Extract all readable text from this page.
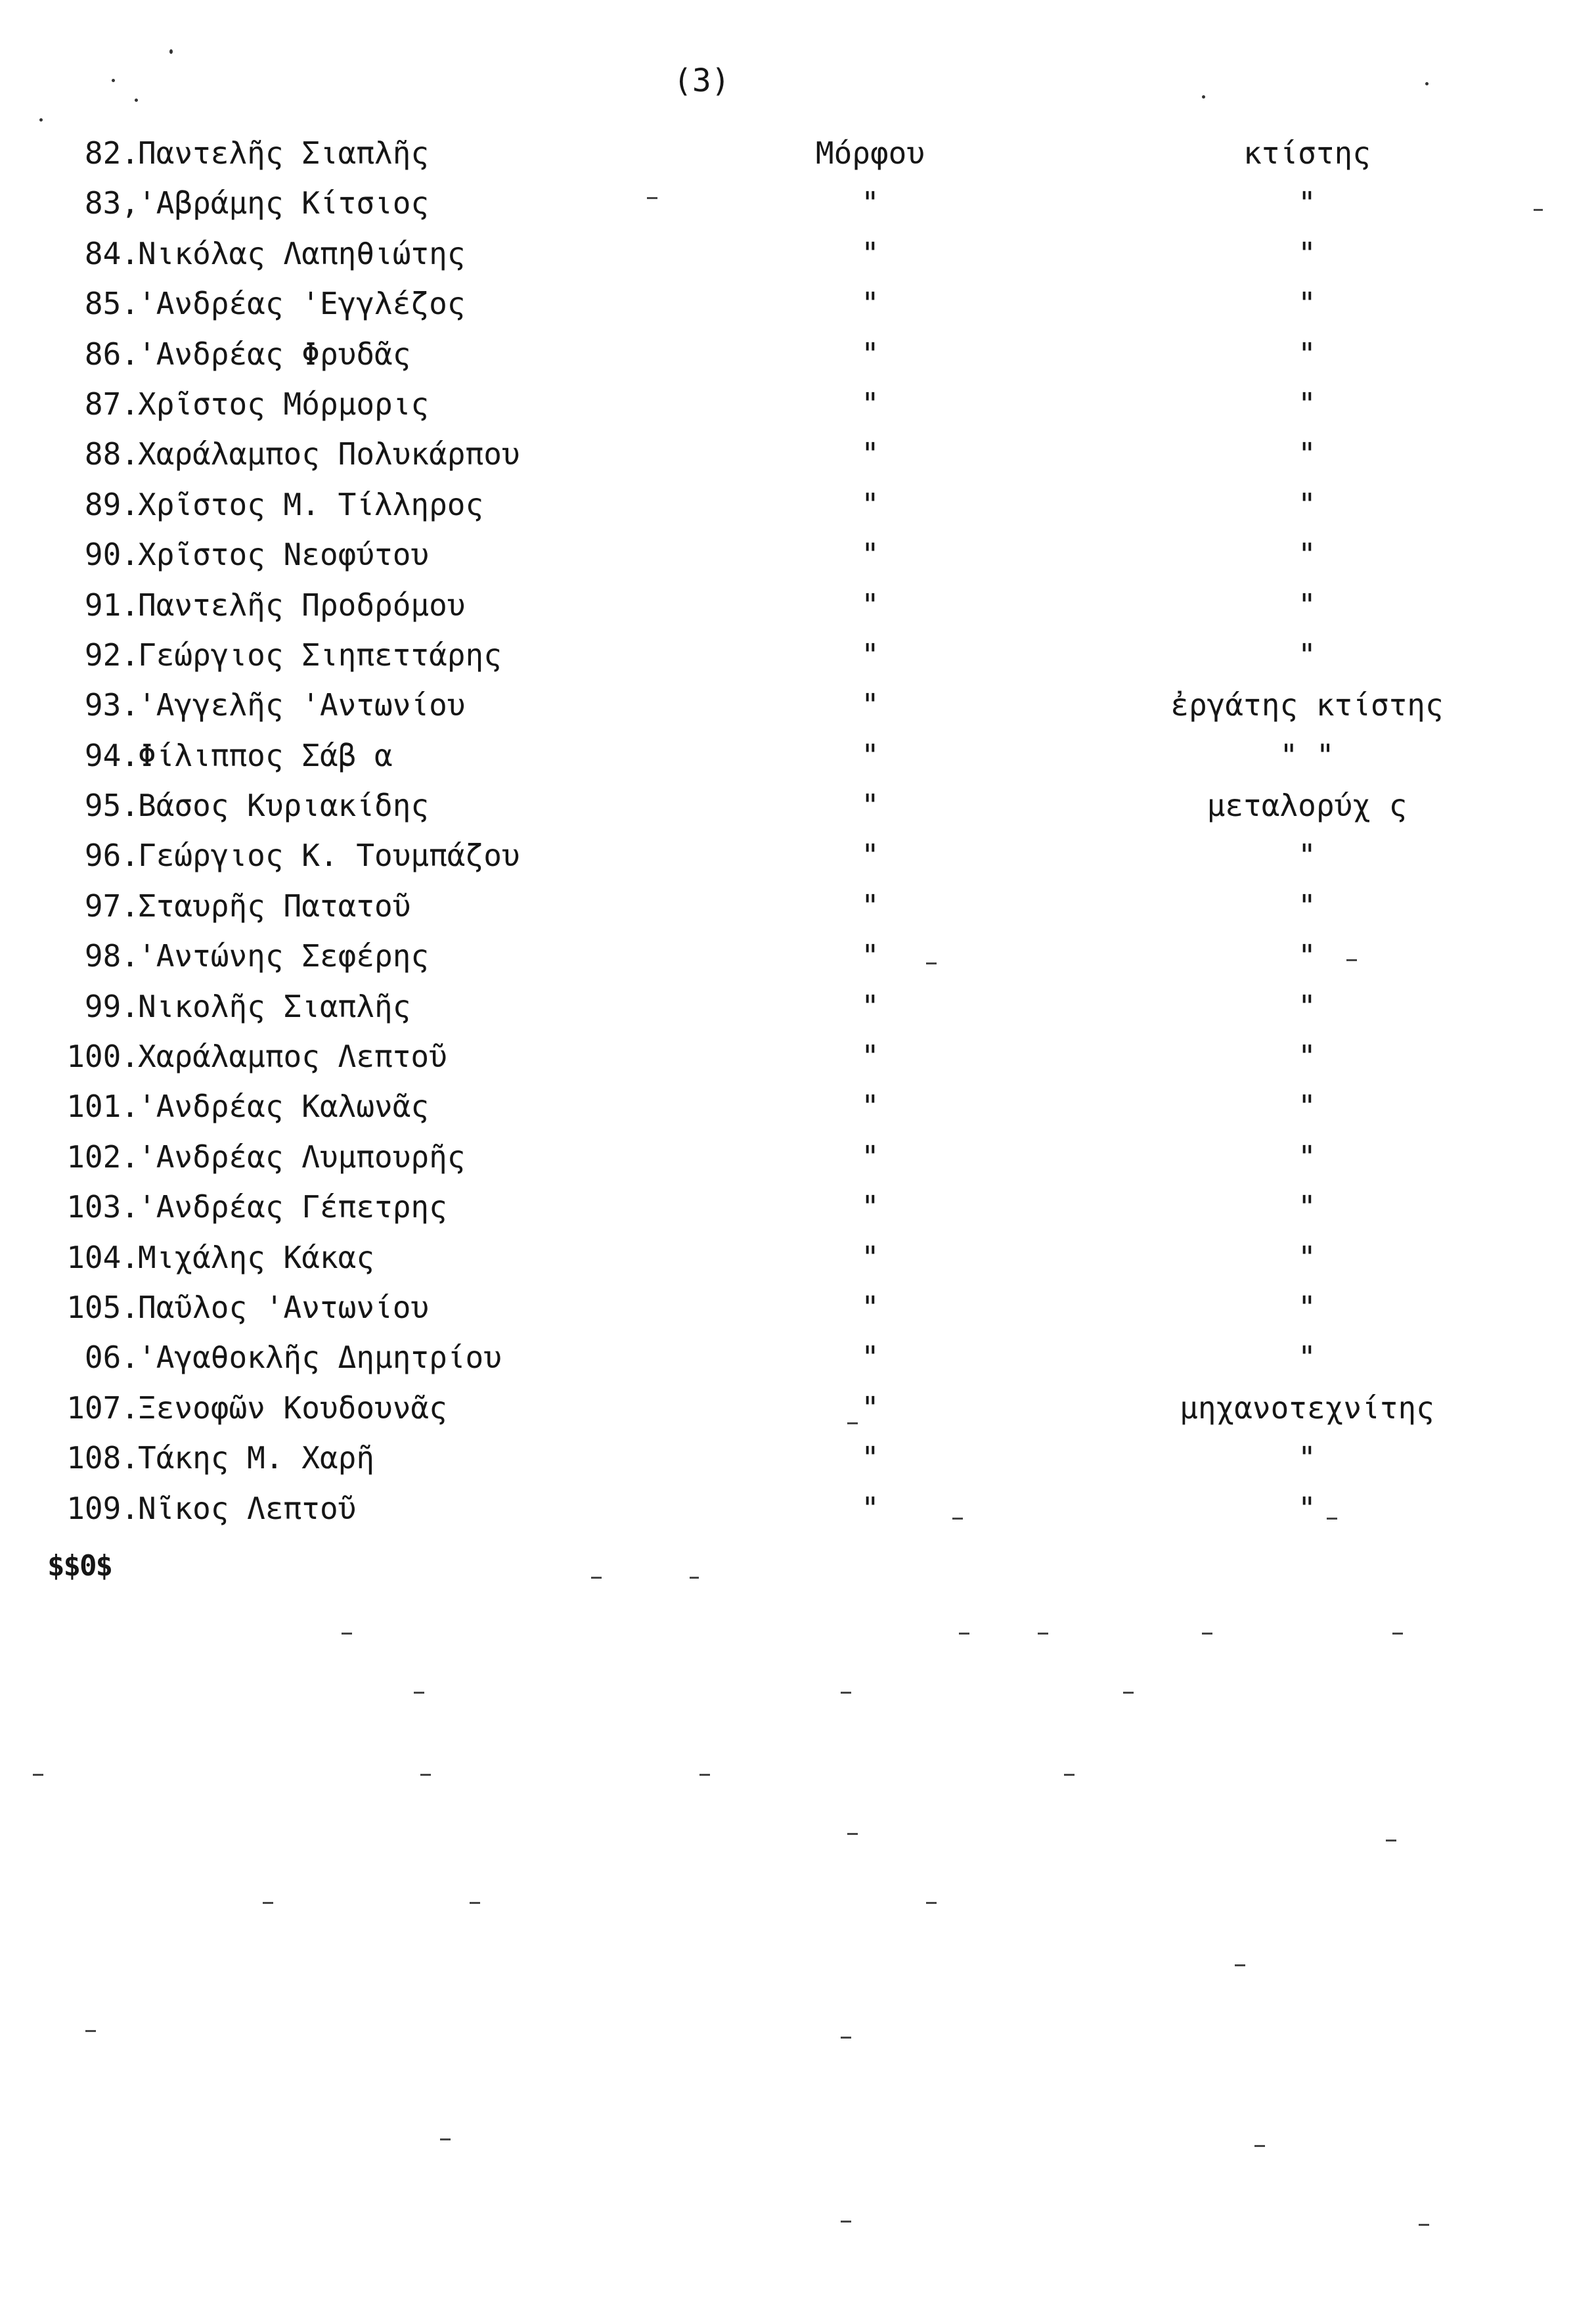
(3)
82.
Παντελῆς Σιαπλῆς	Μόρφου	κτίστης
83,
'Αβράμης Κίτσιος	"	"
84.
Νικόλας Λαπηθιώτης	"	"
85.
'Ανδρέας 'Εγγλέζος	"	"
86.
'Ανδρέας Φρυδᾶς	"	"
87.
Χρῖστος Μόρμορις	"	"
88.
Χαράλαμπος Πολυκάρπου	"	"
89.
Χρῖστος Μ. Τίλληρος	"	"
90.
Χρῖστος Νεοφύτου	"	"
91.
Παντελῆς Προδρόμου	"	"
92.
Γεώργιος Σιηπεττάρης	"	"
93.
'Αγγελῆς 'Αντωνίου	"	ἐργάτης κτίστης
94.
Φίλιππος Σάβ α	"	" "
95.
Βάσος Κυριακίδης	"	μεταλορύχ ς
96.
Γεώργιος Κ. Τουμπάζου	"	"
97.
Σταυρῆς Πατατοῦ	"	"
98.
'Αντώνης Σεφέρης	"	"
99.
Νικολῆς Σιαπλῆς	"	"
100.
Χαράλαμπος Λεπτοῦ	"	"
101.
'Ανδρέας Καλωνᾶς	"	"
102.
'Ανδρέας Λυμπουρῆς	"	"
103.
'Ανδρέας Γέπετρης	"	"
104.
Μιχάλης Κάκας	"	"
105.
Παῦλος 'Αντωνίου	"	"
06.
'Αγαθοκλῆς Δημητρίου	"	"
107.
Ξενοφῶν Κουδουνᾶς	"	μηχανοτεχνίτης
108.
Τάκης Μ. Χαρῆ	"	"
109.
Νῖκος Λεπτοῦ	"	"
$$0$
